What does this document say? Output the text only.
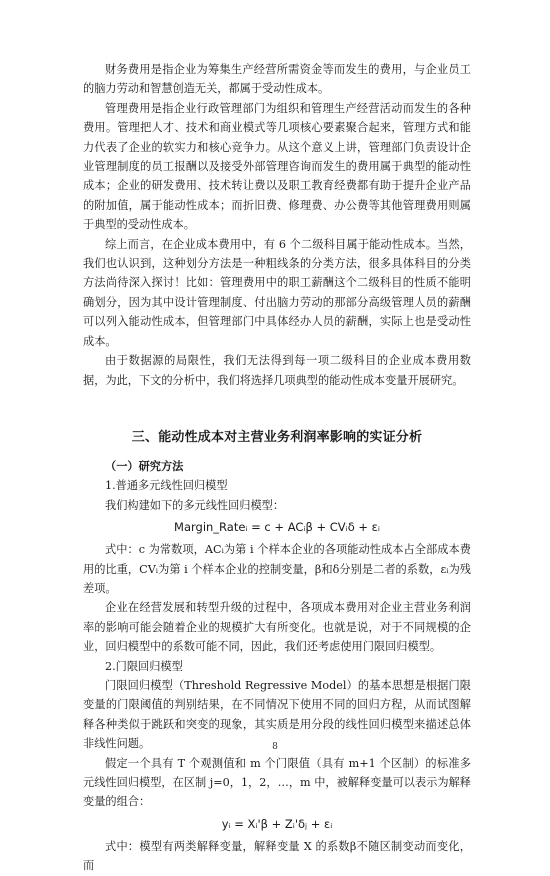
财务费用是指企业为筹集生产经营所需资金等而发生的费用，与企业员工的脑力劳动和智慧创造无关，都属于受动性成本。

管理费用是指企业行政管理部门为组织和管理生产经营活动而发生的各种费用。管理把人才、技术和商业模式等几项核心要素聚合起来，管理方式和能力代表了企业的软实力和核心竞争力。从这个意义上讲，管理部门负责设计企业管理制度的员工报酬以及接受外部管理咨询而发生的费用属于典型的能动性成本；企业的研发费用、技术转让费以及职工教育经费都有助于提升企业产品的附加值，属于能动性成本；而折旧费、修理费、办公费等其他管理费用则属于典型的受动性成本。

综上而言，在企业成本费用中，有 6 个二级科目属于能动性成本。当然，我们也认识到，这种划分方法是一种粗线条的分类方法，很多具体科目的分类方法尚待深入探讨！比如：管理费用中的职工薪酬这个二级科目的性质不能明确划分，因为其中设计管理制度、付出脑力劳动的那部分高级管理人员的薪酬可以列入能动性成本，但管理部门中具体经办人员的薪酬，实际上也是受动性成本。

由于数据源的局限性，我们无法得到每一项二级科目的企业成本费用数据，为此，下文的分析中，我们将选择几项典型的能动性成本变量开展研究。

三、能动性成本对主营业务利润率影响的实证分析

（一）研究方法

1.普通多元线性回归模型

我们构建如下的多元线性回归模型：

Margin_Rateᵢ = c + ACᵢβ + CVᵢδ + εᵢ

式中：c 为常数项，ACᵢ为第 i 个样本企业的各项能动性成本占全部成本费用的比重，CVᵢ为第 i 个样本企业的控制变量，β和δ分别是二者的系数，εᵢ为残差项。

企业在经营发展和转型升级的过程中，各项成本费用对企业主营业务利润率的影响可能会随着企业的规模扩大有所变化。也就是说，对于不同规模的企业，回归模型中的系数可能不同，因此，我们还考虑使用门限回归模型。

2.门限回归模型

门限回归模型（Threshold Regressive Model）的基本思想是根据门限变量的门限阈值的判别结果，在不同情况下使用不同的回归方程，从而试图解释各种类似于跳跃和突变的现象，其实质是用分段的线性回归模型来描述总体非线性问题。

假定一个具有 T 个观测值和 m 个门限值（具有 m+1 个区制）的标准多元线性回归模型，在区制 j=0，1，2，…，m 中，被解释变量可以表示为解释变量的组合：

yᵢ = Xᵢ'β + Zᵢ'δⱼ + εᵢ

式中：模型有两类解释变量，解释变量 X 的系数β不随区制变动而变化，而

8
